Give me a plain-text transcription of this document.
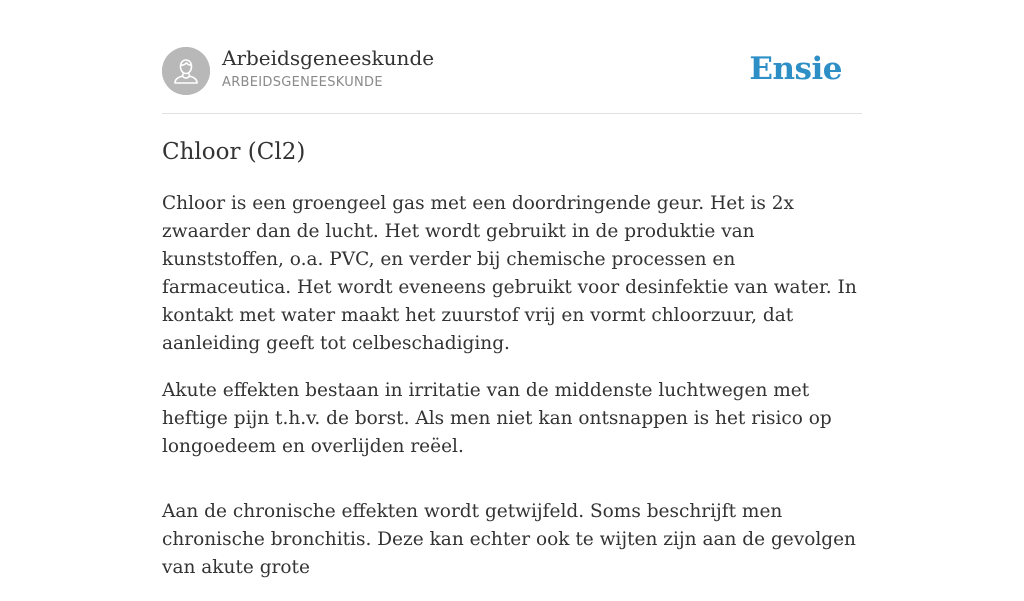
Arbeidsgeneeskunde
ARBEIDSGENEESKUNDE	Ensie
Chloor (Cl2)

Chloor is een groengeel gas met een doordringende geur. Het is 2x zwaarder dan de lucht. Het wordt gebruikt in de produktie van kunststoffen, o.a. PVC, en verder bij chemische processen en farmaceutica. Het wordt eveneens gebruikt voor desinfektie van water. In kontakt met water maakt het zuurstof vrij en vormt chloorzuur, dat aanleiding geeft tot celbeschadiging.

Akute effekten bestaan in irritatie van de middenste luchtwegen met heftige pijn t.h.v. de borst. Als men niet kan ontsnappen is het risico op longoedeem en overlijden reëel.

Aan de chronische effekten wordt getwijfeld. Soms beschrijft men chronische bronchitis. Deze kan echter ook te wijten zijn aan de gevolgen van akute grote
